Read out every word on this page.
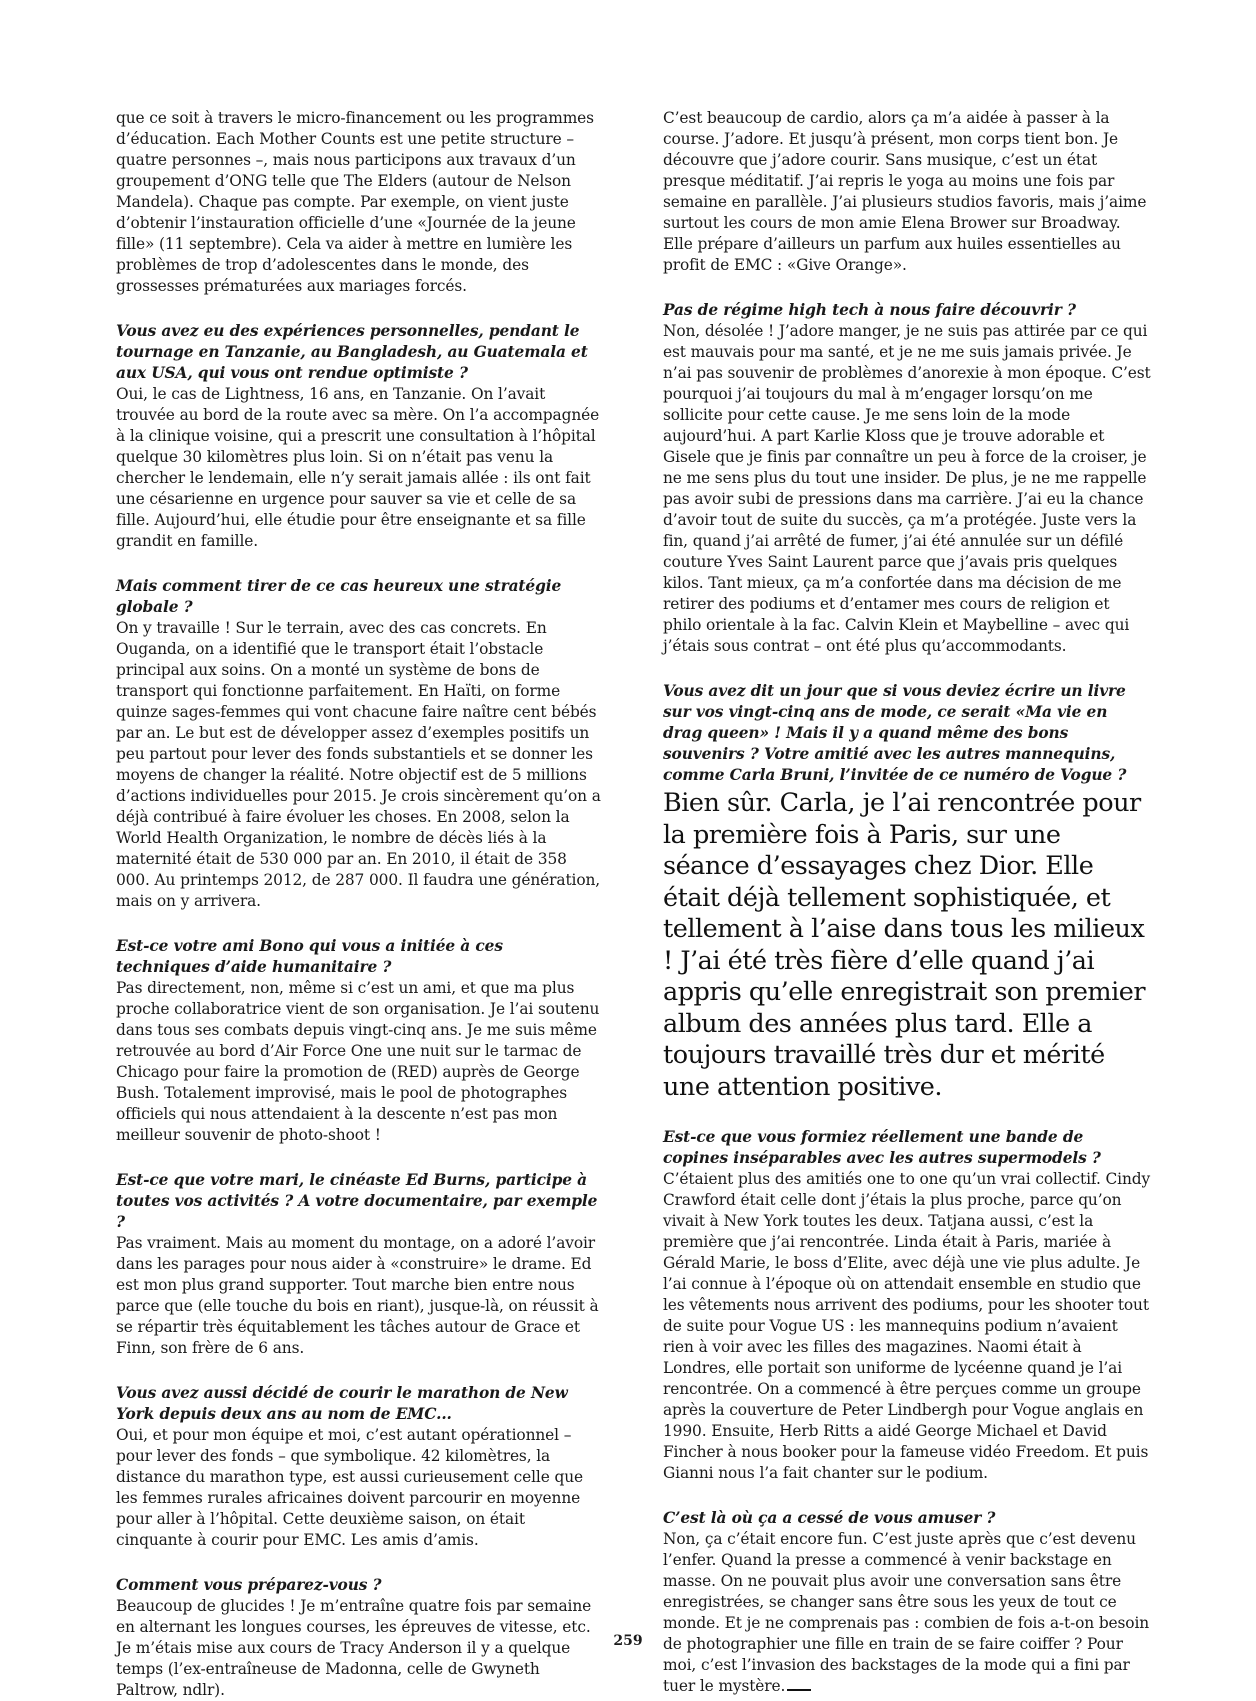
que ce soit à travers le micro-financement ou les programmes d’éducation. Each Mother Counts est une petite structure – quatre personnes –, mais nous participons aux travaux d’un groupement d’ONG telle que The Elders (autour de Nelson Mandela). Chaque pas compte. Par exemple, on vient juste d’obtenir l’instauration officielle d’une «Journée de la jeune fille» (11 septembre). Cela va aider à mettre en lumière les problèmes de trop d’adolescentes dans le monde, des grossesses prématurées aux mariages forcés.

Vous avez eu des expériences personnelles, pendant le tournage en Tanzanie, au Bangladesh, au Guatemala et aux USA, qui vous ont rendue optimiste ?

Oui, le cas de Lightness, 16 ans, en Tanzanie. On l’avait trouvée au bord de la route avec sa mère. On l’a accompagnée à la clinique voisine, qui a prescrit une consultation à l’hôpital quelque 30 kilomètres plus loin. Si on n’était pas venu la chercher le lendemain, elle n’y serait jamais allée : ils ont fait une césarienne en urgence pour sauver sa vie et celle de sa fille. Aujourd’hui, elle étudie pour être enseignante et sa fille grandit en famille.

Mais comment tirer de ce cas heureux une stratégie globale ?

On y travaille ! Sur le terrain, avec des cas concrets. En Ouganda, on a identifié que le transport était l’obstacle principal aux soins. On a monté un système de bons de transport qui fonctionne parfaitement. En Haïti, on forme quinze sages-femmes qui vont chacune faire naître cent bébés par an. Le but est de développer assez d’exemples positifs un peu partout pour lever des fonds substantiels et se donner les moyens de changer la réalité. Notre objectif est de 5 millions d’actions individuelles pour 2015. Je crois sincèrement qu’on a déjà contribué à faire évoluer les choses. En 2008, selon la World Health Organization, le nombre de décès liés à la maternité était de 530 000 par an. En 2010, il était de 358 000. Au printemps 2012, de 287 000. Il faudra une génération, mais on y arrivera.

Est-ce votre ami Bono qui vous a initiée à ces techniques d’aide humanitaire ?

Pas directement, non, même si c’est un ami, et que ma plus proche collaboratrice vient de son organisation. Je l’ai soutenu dans tous ses combats depuis vingt-cinq ans. Je me suis même retrouvée au bord d’Air Force One une nuit sur le tarmac de Chicago pour faire la promotion de (RED) auprès de George Bush. Totalement improvisé, mais le pool de photographes officiels qui nous attendaient à la descente n’est pas mon meilleur souvenir de photo-shoot !

Est-ce que votre mari, le cinéaste Ed Burns, participe à toutes vos activités ? A votre documentaire, par exemple ?

Pas vraiment. Mais au moment du montage, on a adoré l’avoir dans les parages pour nous aider à «construire» le drame. Ed est mon plus grand supporter. Tout marche bien entre nous parce que (elle touche du bois en riant), jusque-là, on réussit à se répartir très équitablement les tâches autour de Grace et Finn, son frère de 6 ans.

Vous avez aussi décidé de courir le marathon de New York depuis deux ans au nom de EMC...

Oui, et pour mon équipe et moi, c’est autant opérationnel – pour lever des fonds – que symbolique. 42 kilomètres, la distance du marathon type, est aussi curieusement celle que les femmes rurales africaines doivent parcourir en moyenne pour aller à l’hôpital. Cette deuxième saison, on était cinquante à courir pour EMC. Les amis d’amis.

Comment vous préparez-vous ?

Beaucoup de glucides ! Je m’entraîne quatre fois par semaine en alternant les longues courses, les épreuves de vitesse, etc. Je m’étais mise aux cours de Tracy Anderson il y a quelque temps (l’ex-entraîneuse de Madonna, celle de Gwyneth Paltrow, ndlr).

C’est beaucoup de cardio, alors ça m’a aidée à passer à la course. J’adore. Et jusqu’à présent, mon corps tient bon. Je découvre que j’adore courir. Sans musique, c’est un état presque méditatif. J’ai repris le yoga au moins une fois par semaine en parallèle. J’ai plusieurs studios favoris, mais j’aime surtout les cours de mon amie Elena Brower sur Broadway. Elle prépare d’ailleurs un parfum aux huiles essentielles au profit de EMC : «Give Orange».

Pas de régime high tech à nous faire découvrir ?

Non, désolée ! J’adore manger, je ne suis pas attirée par ce qui est mauvais pour ma santé, et je ne me suis jamais privée. Je n’ai pas souvenir de problèmes d’anorexie à mon époque. C’est pourquoi j’ai toujours du mal à m’engager lorsqu’on me sollicite pour cette cause. Je me sens loin de la mode aujourd’hui. A part Karlie Kloss que je trouve adorable et Gisele que je finis par connaître un peu à force de la croiser, je ne me sens plus du tout une insider. De plus, je ne me rappelle pas avoir subi de pressions dans ma carrière. J’ai eu la chance d’avoir tout de suite du succès, ça m’a protégée. Juste vers la fin, quand j’ai arrêté de fumer, j’ai été annulée sur un défilé couture Yves Saint Laurent parce que j’avais pris quelques kilos. Tant mieux, ça m’a confortée dans ma décision de me retirer des podiums et d’entamer mes cours de religion et philo orientale à la fac. Calvin Klein et Maybelline – avec qui j’étais sous contrat – ont été plus qu’accommodants.

Vous avez dit un jour que si vous deviez écrire un livre sur vos vingt-cinq ans de mode, ce serait «Ma vie en drag queen» ! Mais il y a quand même des bons souvenirs ? Votre amitié avec les autres mannequins, comme Carla Bruni, l’invitée de ce numéro de Vogue ?

Bien sûr. Carla, je l’ai rencontrée pour la première fois à Paris, sur une séance d’essayages chez Dior. Elle était déjà tellement sophistiquée, et tellement à l’aise dans tous les milieux ! J’ai été très fière d’elle quand j’ai appris qu’elle enregistrait son premier album des années plus tard. Elle a toujours travaillé très dur et mérité une attention positive.

Est-ce que vous formiez réellement une bande de copines inséparables avec les autres supermodels ?

C’étaient plus des amitiés one to one qu’un vrai collectif. Cindy Crawford était celle dont j’étais la plus proche, parce qu’on vivait à New York toutes les deux. Tatjana aussi, c’est la première que j’ai rencontrée. Linda était à Paris, mariée à Gérald Marie, le boss d’Elite, avec déjà une vie plus adulte. Je l’ai connue à l’époque où on attendait ensemble en studio que les vêtements nous arrivent des podiums, pour les shooter tout de suite pour Vogue US : les mannequins podium n’avaient rien à voir avec les filles des magazines. Naomi était à Londres, elle portait son uniforme de lycéenne quand je l’ai rencontrée. On a commencé à être perçues comme un groupe après la couverture de Peter Lindbergh pour Vogue anglais en 1990. Ensuite, Herb Ritts a aidé George Michael et David Fincher à nous booker pour la fameuse vidéo Freedom. Et puis Gianni nous l’a fait chanter sur le podium.

C’est là où ça a cessé de vous amuser ?

Non, ça c’était encore fun. C’est juste après que c’est devenu l’enfer. Quand la presse a commencé à venir backstage en masse. On ne pouvait plus avoir une conversation sans être enregistrées, se changer sans être sous les yeux de tout ce monde. Et je ne comprenais pas : combien de fois a-t-on besoin de photographier une fille en train de se faire coiffer ? Pour moi, c’est l’invasion des backstages de la mode qui a fini par tuer le mystère.

259
